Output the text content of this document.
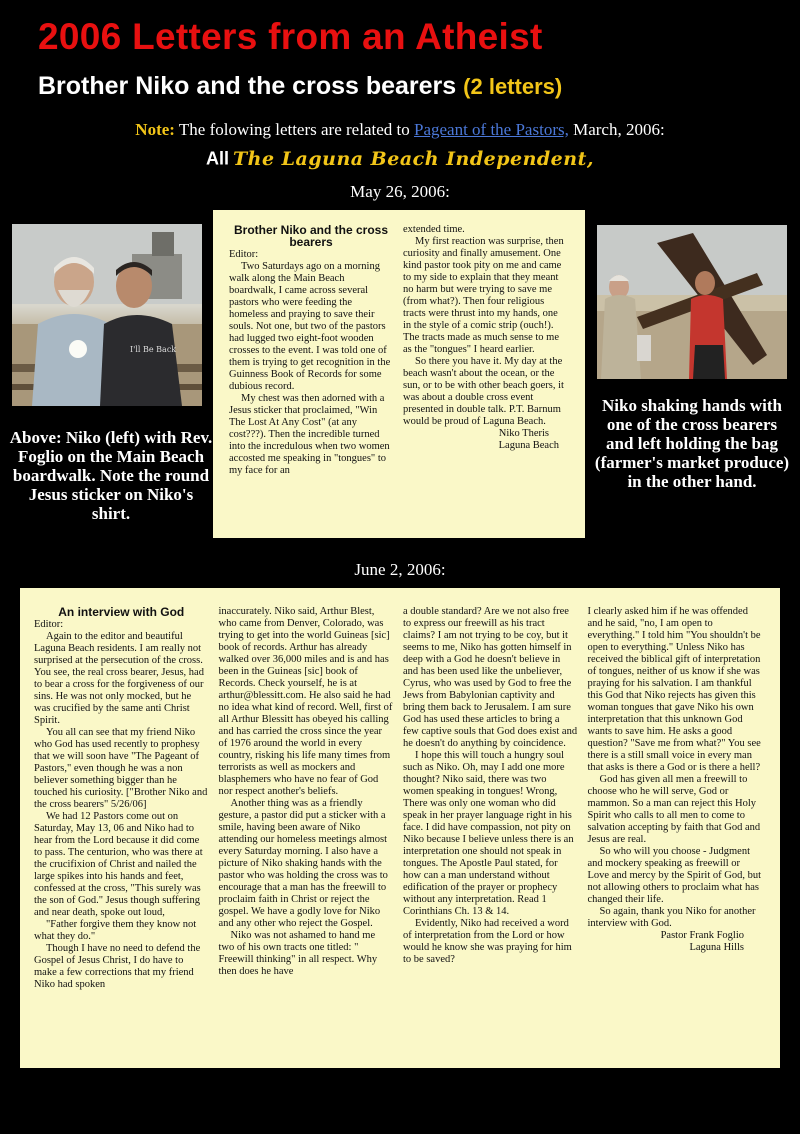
2006 Letters from an Atheist
Brother Niko and the cross bearers (2 letters)
Note: The folowing letters are related to Pageant of the Pastors, March, 2006:
All The Laguna Beach Independent,
May 26, 2006:
I'll Be Back
Above: Niko (left) with Rev. Foglio on the Main Beach boardwalk. Note the round Jesus sticker on Niko's shirt.
Niko shaking hands with one of the cross bearers and left holding the bag (farmer's market produce) in the other hand.
Brother Niko and the cross bearers

Editor:

Two Saturdays ago on a morning walk along the Main Beach boardwalk, I came across several pastors who were feeding the homeless and praying to save their souls. Not one, but two of the pastors had lugged two eight-foot wooden crosses to the event. I was told one of them is trying to get recognition in the Guinness Book of Records for some dubious record.

My chest was then adorned with a Jesus sticker that proclaimed, "Win The Lost At Any Cost" (at any cost???). Then the incredible turned into the incredulous when two women accosted me speaking in "tongues" to my face for an

extended time.

My first reaction was surprise, then curiosity and finally amusement. One kind pastor took pity on me and came to my side to explain that they meant no harm but were trying to save me (from what?). Then four religious tracts were thrust into my hands, one in the style of a comic strip (ouch!). The tracts made as much sense to me as the "tongues" I heard earlier.

So there you have it. My day at the beach wasn't about the ocean, or the sun, or to be with other beach goers, it was about a double cross event presented in double talk. P.T. Barnum would be proud of Laguna Beach.

Niko Theris

Laguna Beach

June 2, 2006:
An interview with God

Editor:

Again to the editor and beautiful Laguna Beach residents. I am really not surprised at the persecution of the cross. You see, the real cross bearer, Jesus, had to bear a cross for the forgiveness of our sins. He was not only mocked, but he was crucified by the same anti Christ Spirit.

You all can see that my friend Niko who God has used recently to prophesy that we will soon have "The Pageant of Pastors," even though he was a non believer something bigger than he touched his curiosity. ["Brother Niko and the cross bearers" 5/26/06]

We had 12 Pastors come out on Saturday, May 13, 06 and Niko had to hear from the Lord because it did come to pass. The centurion, who was there at the crucifixion of Christ and nailed the large spikes into his hands and feet, confessed at the cross, "This surely was the son of God." Jesus though suffering and near death, spoke out loud,

"Father forgive them they know not what they do."

Though I have no need to defend the Gospel of Jesus Christ, I do have to make a few corrections that my friend Niko had spoken

inaccurately. Niko said, Arthur Blest, who came from Denver, Colorado, was trying to get into the world Guineas [sic] book of records. Arthur has already walked over 36,000 miles and is and has been in the Guineas [sic] book of Records. Check yourself, he is at arthur@blessitt.com. He also said he had no idea what kind of record. Well, first of all Arthur Blessitt has obeyed his calling and has carried the cross since the year of 1976 around the world in every country, risking his life many times from terrorists as well as mockers and blasphemers who have no fear of God nor respect another's beliefs.

Another thing was as a friendly gesture, a pastor did put a sticker with a smile, having been aware of Niko attending our homeless meetings almost every Saturday morning. I also have a picture of Niko shaking hands with the pastor who was holding the cross was to encourage that a man has the freewill to proclaim faith in Christ or reject the gospel. We have a godly love for Niko and any other who reject the Gospel.

Niko was not ashamed to hand me two of his own tracts one titled: " Freewill thinking" in all respect. Why then does he have

a double standard? Are we not also free to express our freewill as his tract claims? I am not trying to be coy, but it seems to me, Niko has gotten himself in deep with a God he doesn't believe in and has been used like the unbeliever, Cyrus, who was used by God to free the Jews from Babylonian captivity and bring them back to Jerusalem. I am sure God has used these articles to bring a few captive souls that God does exist and he doesn't do anything by coincidence.

I hope this will touch a hungry soul such as Niko. Oh, may I add one more thought? Niko said, there was two women speaking in tongues! Wrong, There was only one woman who did speak in her prayer language right in his face. I did have compassion, not pity on Niko because I believe unless there is an interpretation one should not speak in tongues. The Apostle Paul stated, for how can a man understand without edification of the prayer or prophecy without any interpretation. Read 1 Corinthians Ch. 13 & 14.

Evidently, Niko had received a word of interpretation from the Lord or how would he know she was praying for him to be saved?

I clearly asked him if he was offended and he said, "no, I am open to everything." I told him "You shouldn't be open to everything." Unless Niko has received the biblical gift of interpretation of tongues, neither of us know if she was praying for his salvation. I am thankful this God that Niko rejects has given this woman tongues that gave Niko his own interpretation that this unknown God wants to save him. He asks a good question? "Save me from what?" You see there is a still small voice in every man that asks is there a God or is there a hell?

God has given all men a freewill to choose who he will serve, God or mammon. So a man can reject this Holy Spirit who calls to all men to come to salvation accepting by faith that God and Jesus are real.

So who will you choose - Judgment and mockery speaking as freewill or Love and mercy by the Spirit of God, but not allowing others to proclaim what has changed their life.

So again, thank you Niko for another interview with God.

Pastor Frank Foglio

Laguna Hills
